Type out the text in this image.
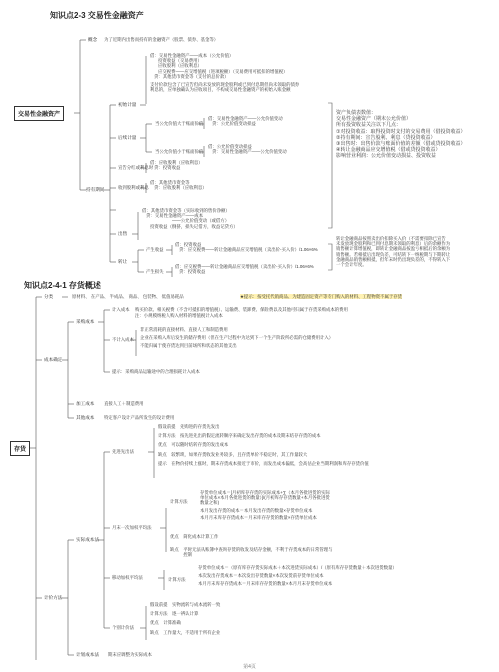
知识点2-3 交易性金融资产
交易性金融资产
概念 为了近期内出售而持有的金融资产（股票、债券、基金等）
持有期间
初始计量
借：交易性金融资产——成本（公允价值）
投资收益（交易费用）
应收股利（应收利息）
应交税费——应交增值税（进项税额）（交易费用可抵扣的增值税）
贷：其他货币资金等（支付的总价款）
支付价款包含了已宣告但尚未发放的现金股利或已到付息期但尚未领取的债券
利息的，应单独确认为应收项目，不构成交易性金融资产的初始入账金额
后续计量
当公允价值大于账面价值
借：交易性金融资产——公允价值变动
贷：公允价值变动损益
当公允价值小于账面价值
借：公允价值变动损益
贷：交易性金融资产——公允价值变动
宣告分红或利息时
借：应收股利（应收利息）
贷：投资收益
收到股利或利息
借：其他货币资金等
贷：应收股利（应收利息）
出售
借：其他货币资金等（实际收到的售价净额）
贷：交易性金融资产——成本
——公允价值变动（或借方）
投资收益（倒挤，损失记借方，收益记贷方）
转让
产生收益
借：投资收益
贷：应交税费——转让金融商品应交增值税（卖出价-买入价）/1.06×6%
产生损失
借：应交税费——转让金融商品应交增值税（卖出价-买入价）/1.06×6%
贷：投资收益
资产负债表数值：
交易性金融资产（期末公允价值）
所有投资收益关注以下几点：
①对投资收益：取得投资时支付的交易费用（借投资收益）
②持有期间：宣告股利、利息（贷投资收益）
③出售时：出售价款与账面价值的差额（借或贷投资收益）
④转让金融商品应交增值税（借或贷投资收益）
影响营业利润：公允价值变动损益、投资收益
转让金融商品按照卖出价扣除买入价（不需要扣除已宣告
未发放现金股利和已到付息期未领取的利息）后的余额作为
销售额计算增值税，即转让金融商品按盈亏相抵后的余额为
销售额。若相抵后出现负差，可结转下一纳税期与下期转让
金融商品销售额相抵，但年末时仍出现负差的，不得转入下
一个会计年度。
知识点2-4-1 存货概述
存货
分类	原材料、 在产品、 半成品、 商品、 包装物、 低值易耗品	★提示：按受托代销商品、为建造固定资产等专门购入的材料、工程物资不属于存货
成本确定
采购成本
计入成本 购买价款、相关税费（不含可抵扣的增值税）、运输费、装卸费、保险费以及其他可归属于存货采购成本的费用
注：小规模纳税人购入材料的增值税计入成本
不计入成本
非正常消耗的直接材料、直接人工和制造费用
企业在采购入库后发生的储存费用（但在生产过程中为达到下一个生产阶段所必需的仓储费用计入）
不能归属于使存货达到目前场所和状态的其他支出
提示：采购商品运输途中的合理损耗计入成本
加工成本 直接人工＋制造费用
其他成本 特定客户设计产品所发生的设计费用
计价方法
实际成本法
先进先出法
假设前提　 先购进的存货先发出
计算方法　 按先进先出的假定流转顺序来确定发出存货的成本及期末结存存货的成本
优点　 可以随时结转存货的发出成本
缺点　 较繁琐，如果存货收发业务较多，且存货单价不稳定时，其工作量较大
提示　 在物价持续上涨时，期末存货成本接近于市价，而发出成本偏低，会高估企业当期利润和库存存货价值
月末一次加权平均法
计算方法
存货单位成本＝[月初库存存货的实际成本+∑（本月各批进货的实际单位成本×本月各批进货的数量）]/(月初库存存货数量+本月各批进货数量之和)
本月发出存货的成本＝本月发出存货的数量×存货单位成本
本月月末库存存货成本＝月末库存存货的数量×存货单位成本
优点　 简化成本计算工作
缺点　 平时无法从账簿中查询存货的收发及结存金额，不利于存货成本的日常管理与控制
移动加权平均法	计算方法
存货单位成本＝（原有库存存货实际成本＋本次进货实际成本）/（原有库存存货数量＋本次进货数量）
本次发出存货成本＝本次发出存货数量×本次发货前存货单位成本
本月月末库存存货成本＝月末库存存货的数量×本月月末存货单位成本
个别计价法
假设前提　 实物流转与成本流转一致
计算方法　 逐一辨认计算
优点　 计算准确
缺点　 工作量大，不适用于所有企业
计划成本法 期末应调整为实际成本
第4页
